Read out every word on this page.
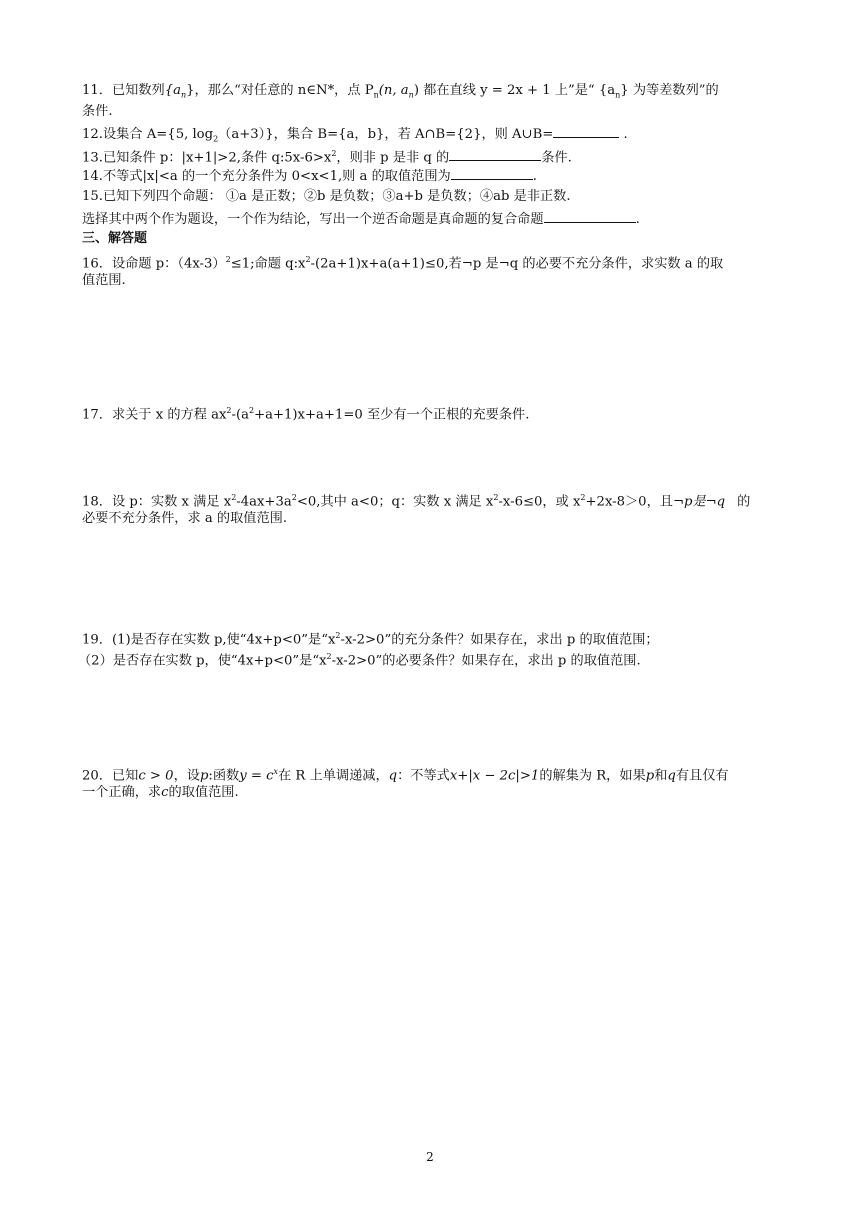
11．已知数列$\{a_n\}$，那么“对任意的 n∈N*，点 $P_n(n$, $a_n$) 都在直线 y = 2x + 1 上”是“ $\{a_n\}$ 为等差数列”的
条件.
12.设集合 A={5, $\log_2(a+3)$}，集合 B={a，b}，若 A∩B={2}，则 A∪B=	.
13.已知条件 p：|x+1|>2,条件 $q:5x-6>x^2$，则非 p 是非 q 的	条件.
14.不等式|x|<a 的一个充分条件为 0<x<1,则 a 的取值范围为	.
15.已知下列四个命题： ①a 是正数；②b 是负数；③a+b 是负数；④ab 是非正数.
选择其中两个作为题设，一个作为结论，写出一个逆否命题是真命题的复合命题	.
三、解答题
16．设命题 p：$(4x-3)^2\le 1$;命题 $q:x^2-(2a+1)x+a(a+1)\le 0$,若¬p 是¬q 的必要不充分条件，求实数 a 的取
值范围.
17．求关于 x 的方程 $ax^2-(a^2+a+1)x+a+1=0$ 至少有一个正根的充要条件.
18．设 p：实数 x 满足 $x^2-4ax+3a^2<0$,其中 a<0；q：实数 x 满足 $x^2-x-6\le 0$，或 $x^2+2x-8>0$，且¬p是¬q 的
必要不充分条件，求 a 的取值范围.
19．(1)是否存在实数 p,使“4x+p<0”是“$x^2-x-2>0$”的充分条件？如果存在，求出 p 的取值范围；
（2）是否存在实数 p，使“4x+p<0”是“$x^2-x-2>0$”的必要条件？如果存在，求出 p 的取值范围.
20．已知c > 0，设p:函数$y = c^x$在 R 上单调递减，q：不等式x+|x − 2c|>1的解集为 R，如果p和q有且仅有
一个正确，求c的取值范围.
2
